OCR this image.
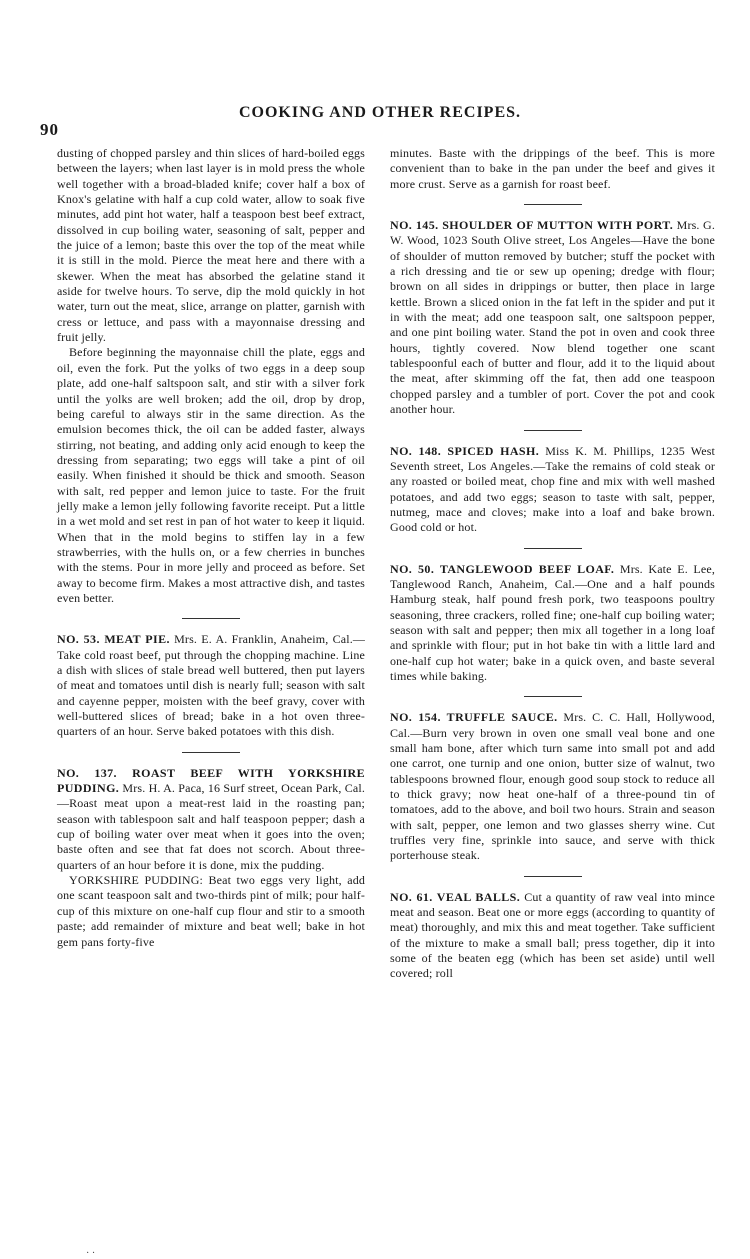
90
COOKING AND OTHER RECIPES.

dusting of chopped parsley and thin slices of hard-boiled eggs between the layers; when last layer is in mold press the whole well together with a broad-bladed knife; cover half a box of Knox's gelatine with half a cup cold water, allow to soak five minutes, add pint hot water, half a teaspoon best beef extract, dissolved in cup boiling water, seasoning of salt, pepper and the juice of a lemon; baste this over the top of the meat while it is still in the mold. Pierce the meat here and there with a skewer. When the meat has absorbed the gelatine stand it aside for twelve hours. To serve, dip the mold quickly in hot water, turn out the meat, slice, arrange on platter, garnish with cress or lettuce, and pass with a mayonnaise dressing and fruit jelly.

Before beginning the mayonnaise chill the plate, eggs and oil, even the fork. Put the yolks of two eggs in a deep soup plate, add one-half saltspoon salt, and stir with a silver fork until the yolks are well broken; add the oil, drop by drop, being careful to always stir in the same direction. As the emulsion becomes thick, the oil can be added faster, always stirring, not beating, and adding only acid enough to keep the dressing from separating; two eggs will take a pint of oil easily. When finished it should be thick and smooth. Season with salt, red pepper and lemon juice to taste. For the fruit jelly make a lemon jelly following favorite receipt. Put a little in a wet mold and set rest in pan of hot water to keep it liquid. When that in the mold begins to stiffen lay in a few strawberries, with the hulls on, or a few cherries in bunches with the stems. Pour in more jelly and proceed as before. Set away to become firm. Makes a most attractive dish, and tastes even better.

NO. 53. MEAT PIE. Mrs. E. A. Franklin, Anaheim, Cal.—Take cold roast beef, put through the chopping machine. Line a dish with slices of stale bread well buttered, then put layers of meat and tomatoes until dish is nearly full; season with salt and cayenne pepper, moisten with the beef gravy, cover with well-buttered slices of bread; bake in a hot oven three-quarters of an hour. Serve baked potatoes with this dish.

NO. 137. ROAST BEEF WITH YORKSHIRE PUDDING. Mrs. H. A. Paca, 16 Surf street, Ocean Park, Cal.—Roast meat upon a meat-rest laid in the roasting pan; season with tablespoon salt and half teaspoon pepper; dash a cup of boiling water over meat when it goes into the oven; baste often and see that fat does not scorch. About three-quarters of an hour before it is done, mix the pudding.

YORKSHIRE PUDDING: Beat two eggs very light, add one scant teaspoon salt and two-thirds pint of milk; pour half-cup of this mixture on one-half cup flour and stir to a smooth paste; add remainder of mixture and beat well; bake in hot gem pans forty-five

minutes. Baste with the drippings of the beef. This is more convenient than to bake in the pan under the beef and gives it more crust. Serve as a garnish for roast beef.

NO. 145. SHOULDER OF MUTTON WITH PORT. Mrs. G. W. Wood, 1023 South Olive street, Los Angeles—Have the bone of shoulder of mutton removed by butcher; stuff the pocket with a rich dressing and tie or sew up opening; dredge with flour; brown on all sides in drippings or butter, then place in large kettle. Brown a sliced onion in the fat left in the spider and put it in with the meat; add one teaspoon salt, one saltspoon pepper, and one pint boiling water. Stand the pot in oven and cook three hours, tightly covered. Now blend together one scant tablespoonful each of butter and flour, add it to the liquid about the meat, after skimming off the fat, then add one teaspoon chopped parsley and a tumbler of port. Cover the pot and cook another hour.

NO. 148. SPICED HASH. Miss K. M. Phillips, 1235 West Seventh street, Los Angeles.—Take the remains of cold steak or any roasted or boiled meat, chop fine and mix with well mashed potatoes, and add two eggs; season to taste with salt, pepper, nutmeg, mace and cloves; make into a loaf and bake brown. Good cold or hot.

NO. 50. TANGLEWOOD BEEF LOAF. Mrs. Kate E. Lee, Tanglewood Ranch, Anaheim, Cal.—One and a half pounds Hamburg steak, half pound fresh pork, two teaspoons poultry seasoning, three crackers, rolled fine; one-half cup boiling water; season with salt and pepper; then mix all together in a long loaf and sprinkle with flour; put in hot bake tin with a little lard and one-half cup hot water; bake in a quick oven, and baste several times while baking.

NO. 154. TRUFFLE SAUCE. Mrs. C. C. Hall, Hollywood, Cal.—Burn very brown in oven one small veal bone and one small ham bone, after which turn same into small pot and add one carrot, one turnip and one onion, butter size of walnut, two tablespoons browned flour, enough good soup stock to reduce all to thick gravy; now heat one-half of a three-pound tin of tomatoes, add to the above, and boil two hours. Strain and season with salt, pepper, one lemon and two glasses sherry wine. Cut truffles very fine, sprinkle into sauce, and serve with thick porterhouse steak.

NO. 61. VEAL BALLS. Cut a quantity of raw veal into mince meat and season. Beat one or more eggs (according to quantity of meat) thoroughly, and mix this and meat together. Take sufficient of the mixture to make a small ball; press together, dip it into some of the beaten egg (which has been set aside) until well covered; roll

· ·
